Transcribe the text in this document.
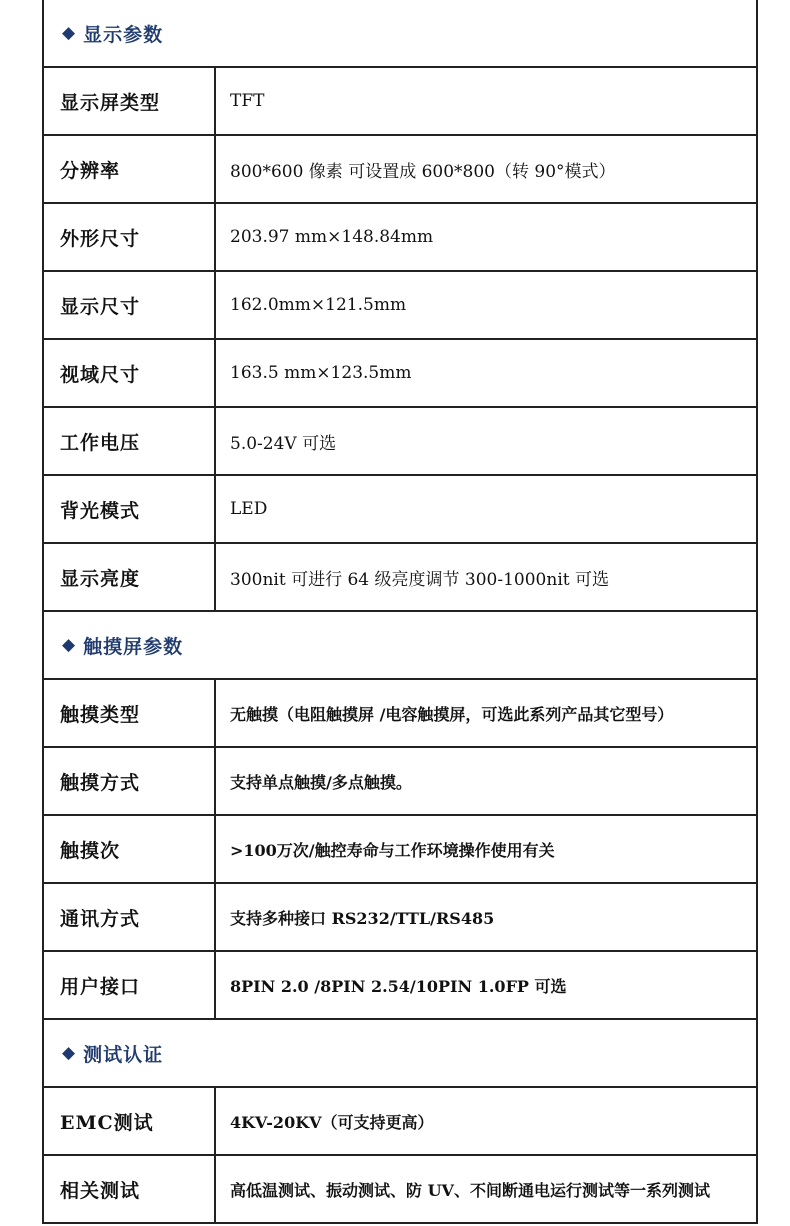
◆ 显示参数
显示屏类型	TFT
分辨率	800*600 像素 可设置成 600*800（转 90°模式）
外形尺寸	203.97 mm×148.84mm
显示尺寸	162.0mm×121.5mm
视域尺寸	163.5 mm×123.5mm
工作电压	5.0-24V 可选
背光模式	LED
显示亮度	300nit 可进行 64 级亮度调节 300-1000nit 可选
◆ 触摸屏参数
触摸类型	无触摸（电阻触摸屏 /电容触摸屏，可选此系列产品其它型号）
触摸方式	支持单点触摸/多点触摸。
触摸次	>100万次/触控寿命与工作环境操作使用有关
通讯方式	支持多种接口 RS232/TTL/RS485
用户接口	8PIN 2.0 /8PIN 2.54/10PIN 1.0FP 可选
◆ 测试认证
EMC测试	4KV-20KV（可支持更高）
相关测试	高低温测试、振动测试、防 UV、不间断通电运行测试等一系列测试
